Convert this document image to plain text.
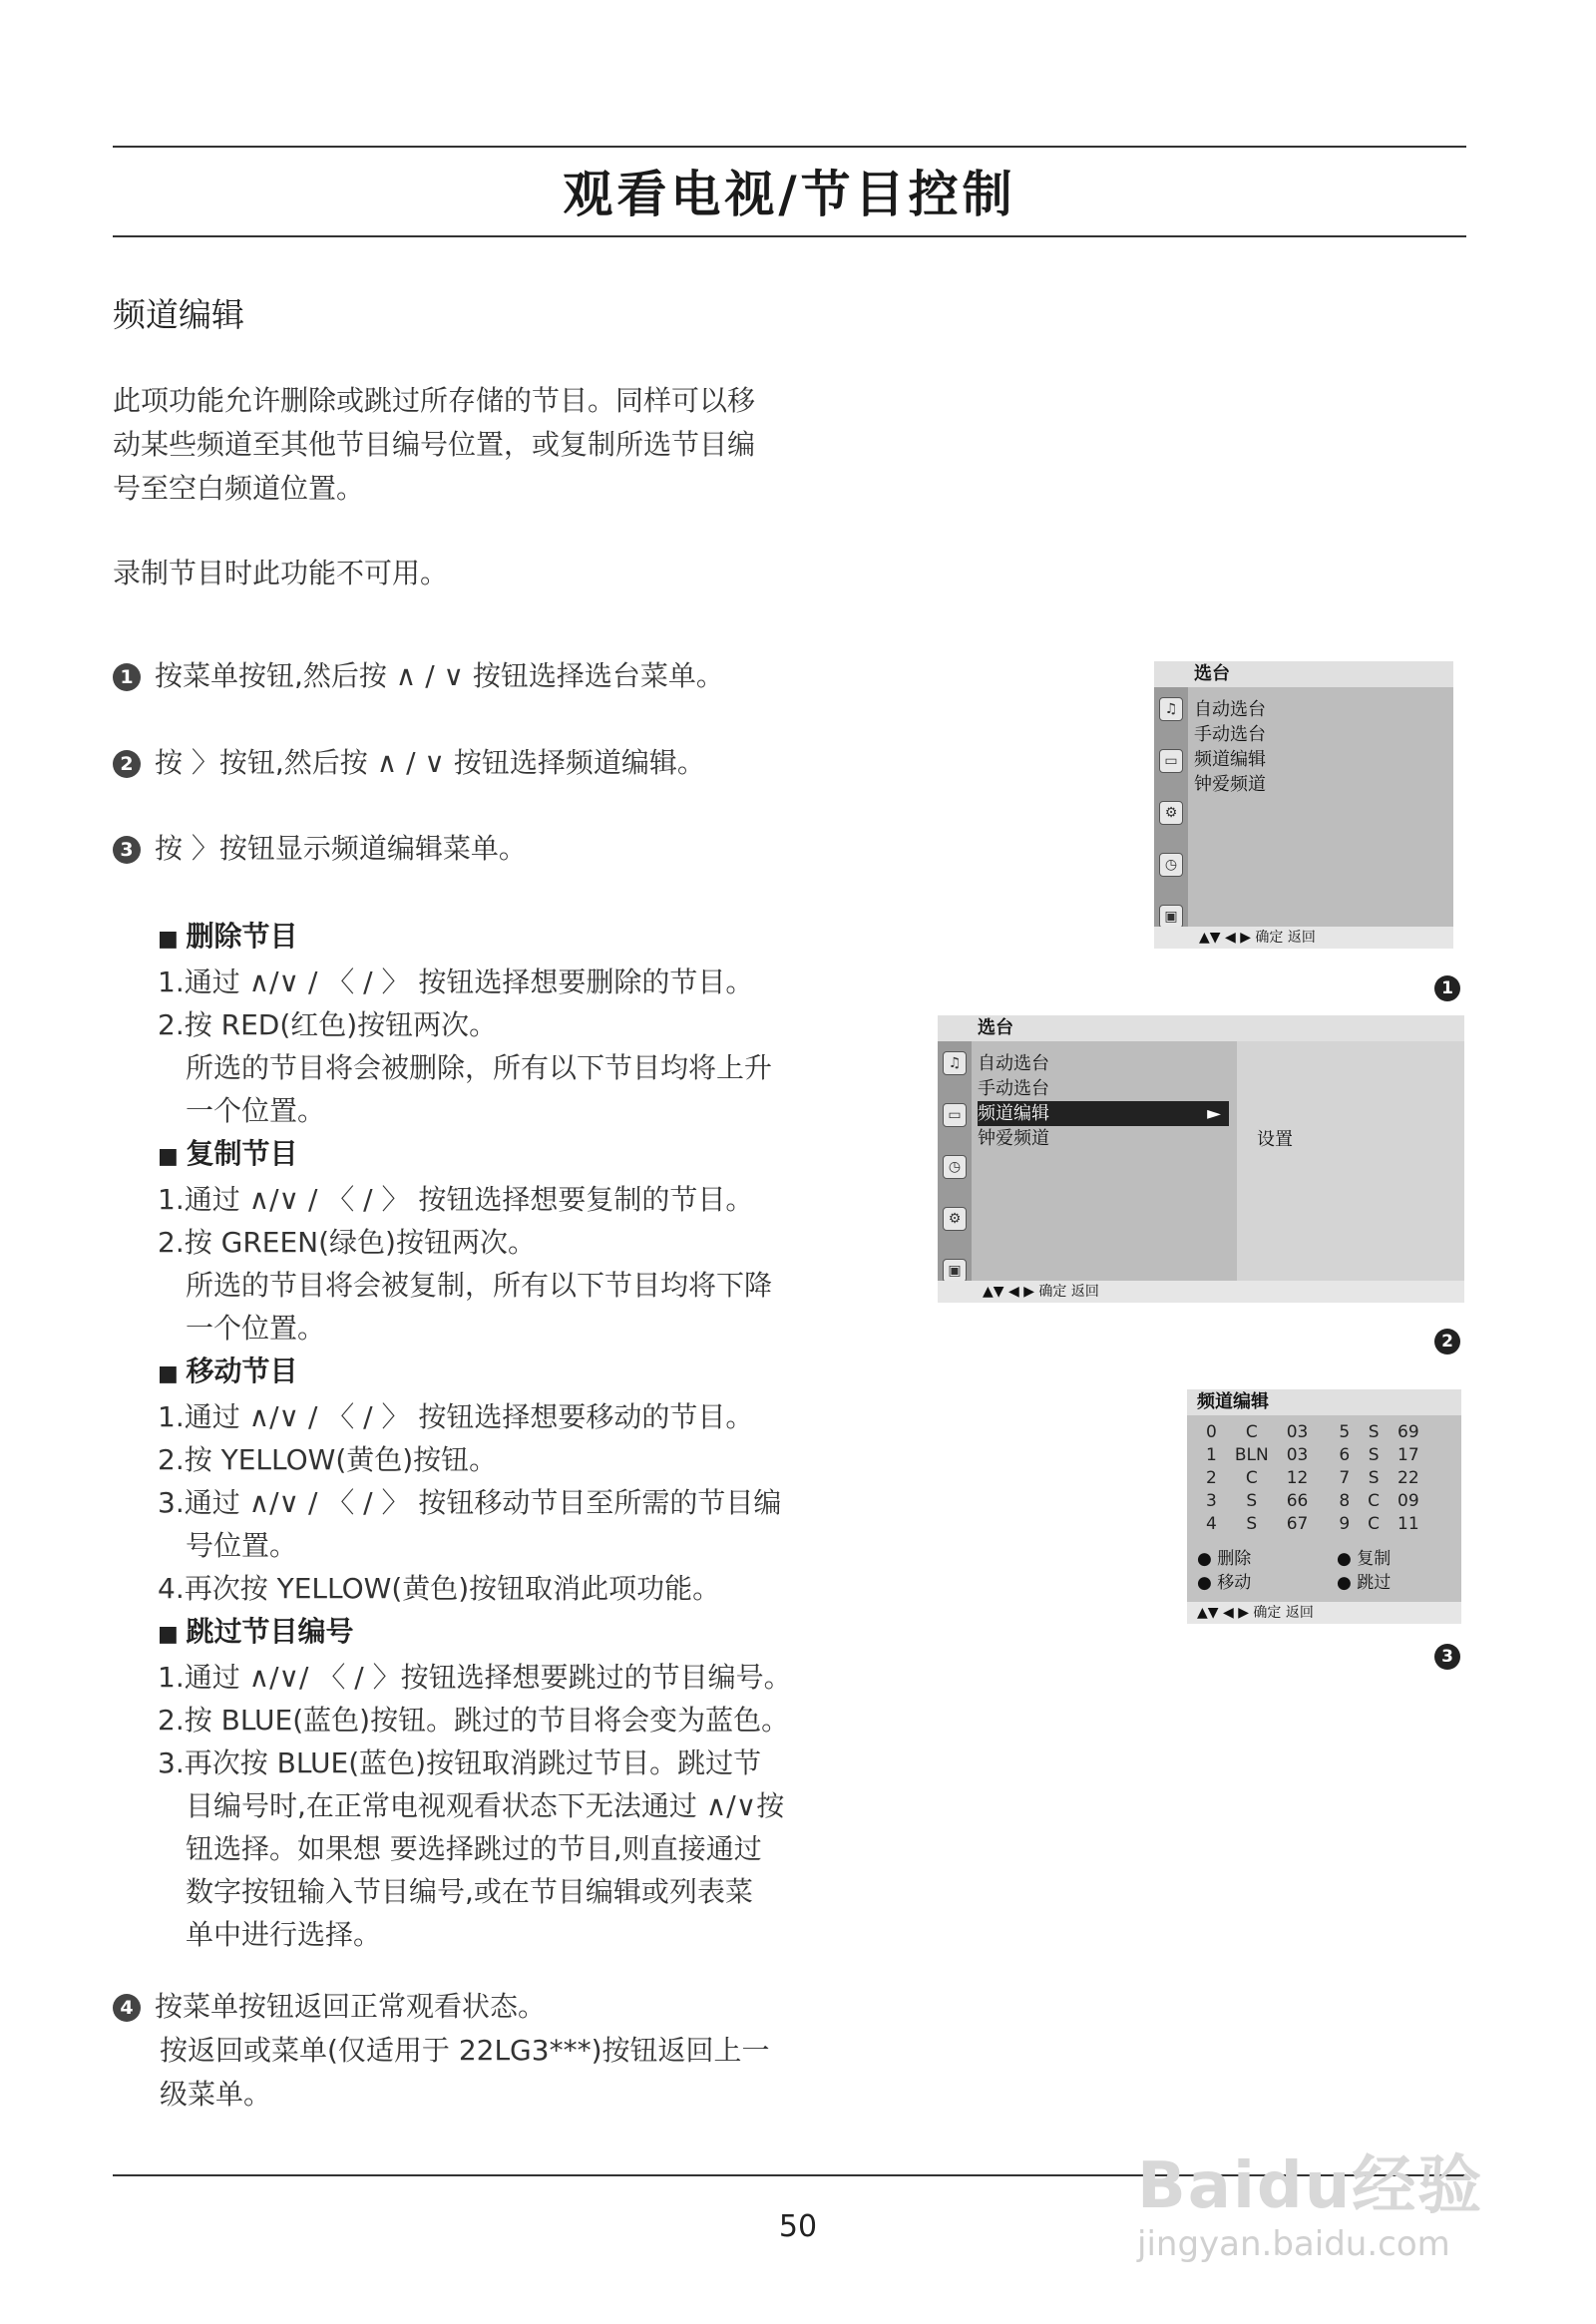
观看电视/节目控制
频道编辑
此项功能允许删除或跳过所存储的节目。同样可以移
动某些频道至其他节目编号位置，或复制所选节目编
号至空白频道位置。
录制节目时此功能不可用。
1 按菜单按钮,然后按 ∧ / ∨ 按钮选择选台菜单。
2 按 〉按钮,然后按 ∧ / ∨ 按钮选择频道编辑。
3 按 〉按钮显示频道编辑菜单。
■ 删除节目
1.通过 ∧/∨ / 〈 / 〉 按钮选择想要删除的节目。
2.按 RED(红色)按钮两次。
所选的节目将会被删除，所有以下节目均将上升
一个位置。
■ 复制节目
1.通过 ∧/∨ / 〈 / 〉 按钮选择想要复制的节目。
2.按 GREEN(绿色)按钮两次。
所选的节目将会被复制，所有以下节目均将下降
一个位置。
■ 移动节目
1.通过 ∧/∨ / 〈 / 〉 按钮选择想要移动的节目。
2.按 YELLOW(黄色)按钮。
3.通过 ∧/∨ / 〈 / 〉 按钮移动节目至所需的节目编
号位置。
4.再次按 YELLOW(黄色)按钮取消此项功能。
■ 跳过节目编号
1.通过 ∧/∨/ 〈 / 〉按钮选择想要跳过的节目编号。
2.按 BLUE(蓝色)按钮。跳过的节目将会变为蓝色。
3.再次按 BLUE(蓝色)按钮取消跳过节目。跳过节
目编号时,在正常电视观看状态下无法通过 ∧/∨按
钮选择。如果想 要选择跳过的节目,则直接通过
数字按钮输入节目编号,或在节目编辑或列表菜
单中进行选择。
4 按菜单按钮返回正常观看状态。
按返回或菜单(仅适用于 22LG3***)按钮返回上一
级菜单。
选台
♫
▭
⚙
◷
▣
自动选台
手动选台
频道编辑
钟爱频道
▲▼ ◀ ▶ 确定 返回
1
选台
♫
▭
◷
⚙
▣
设置
自动选台
手动选台
频道编辑	►
钟爱频道
▲▼ ◀ ▶ 确定 返回
2
频道编辑
0	C	03	5	S	69
1	BLN	03	6	S	17
2	C	12	7	S	22
3	S	66	8	C	09
4	S	67	9	C	11
● 删除	● 复制
● 移动	● 跳过
▲▼ ◀ ▶ 确定 返回
3
50
Baidu经验
jingyan.baidu.com
